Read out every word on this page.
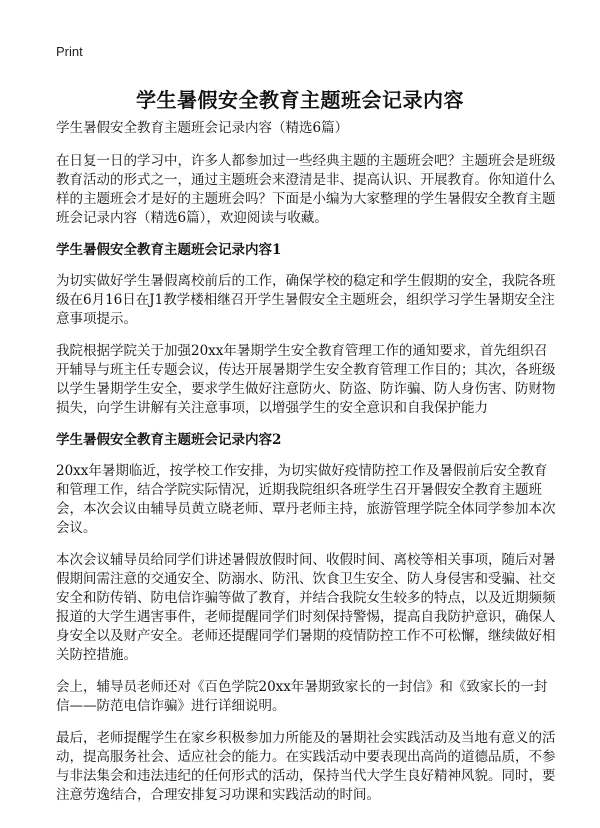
Print
学生暑假安全教育主题班会记录内容

学生暑假安全教育主题班会记录内容（精选6篇）

在日复一日的学习中，许多人都参加过一些经典主题的主题班会吧？主题班会是班级教育活动的形式之一，通过主题班会来澄清是非、提高认识、开展教育。你知道什么样的主题班会才是好的主题班会吗？下面是小编为大家整理的学生暑假安全教育主题班会记录内容（精选6篇），欢迎阅读与收藏。

学生暑假安全教育主题班会记录内容1

为切实做好学生暑假离校前后的工作，确保学校的稳定和学生假期的安全，我院各班级在6月16日在J1教学楼相继召开学生暑假安全主题班会，组织学习学生暑期安全注意事项提示。

我院根据学院关于加强20xx年暑期学生安全教育管理工作的通知要求，首先组织召开辅导与班主任专题会议，传达开展暑期学生安全教育管理工作目的；其次，各班级以学生暑期学生安全，要求学生做好注意防火、防盗、防诈骗、防人身伤害、防财物损失，向学生讲解有关注意事项，以增强学生的安全意识和自我保护能力

学生暑假安全教育主题班会记录内容2

20xx年暑期临近，按学校工作安排，为切实做好疫情防控工作及暑假前后安全教育和管理工作，结合学院实际情况，近期我院组织各班学生召开暑假安全教育主题班会，本次会议由辅导员黄立晓老师、覃丹老师主持，旅游管理学院全体同学参加本次会议。

本次会议辅导员给同学们讲述暑假放假时间、收假时间、离校等相关事项，随后对暑假期间需注意的交通安全、防溺水、防汛、饮食卫生安全、防人身侵害和受骗、社交安全和防传销、防电信诈骗等做了教育，并结合我院女生较多的特点，以及近期频频报道的大学生遇害事件，老师提醒同学们时刻保持警惕，提高自我防护意识，确保人身安全以及财产安全。老师还提醒同学们暑期的疫情防控工作不可松懈，继续做好相关防控措施。

会上，辅导员老师还对《百色学院20xx年暑期致家长的一封信》和《致家长的一封信——防范电信诈骗》进行详细说明。

最后，老师提醒学生在家乡积极参加力所能及的暑期社会实践活动及当地有意义的活动，提高服务社会、适应社会的能力。在实践活动中要表现出高尚的道德品质，不参与非法集会和违法违纪的任何形式的活动，保持当代大学生良好精神风貌。同时，要注意劳逸结合，合理安排复习功课和实践活动的时间。
